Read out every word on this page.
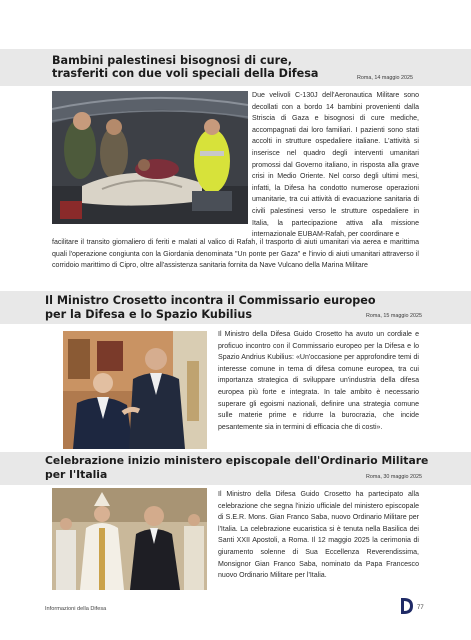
Bambini palestinesi bisognosi di cure,
trasferiti con due voli speciali della Difesa	Roma, 14 maggio 2025

Due velivoli C-130J dell'Aeronautica Militare sono decollati con a bordo 14 bambini provenienti dalla Striscia di Gaza e bisognosi di cure mediche, accompagnati dai loro familiari. I pazienti sono stati accolti in strutture ospedaliere italiane. L'attività si inserisce nel quadro degli interventi umanitari promossi dal Governo italiano, in risposta alla grave crisi in Medio Oriente. Nel corso degli ultimi mesi, infatti, la Difesa ha condotto numerose operazioni umanitarie, tra cui attività di evacuazione sanitaria di civili palestinesi verso le strutture ospedaliere in Italia, la partecipazione attiva alla missione internazionale EUBAM-Rafah, per coordinare e

facilitare il transito giornaliero di feriti e malati al valico di Rafah, il trasporto di aiuti umanitari via aerea e marittima quali l'operazione congiunta con la Giordania denominata "Un ponte per Gaza" e l'invio di aiuti umanitari attraverso il corridoio marittimo di Cipro, oltre all'assistenza sanitaria fornita da Nave Vulcano della Marina Militare

Il Ministro Crosetto incontra il Commissario europeo
per la Difesa e lo Spazio Kubilius	Roma, 15 maggio 2025

Il Ministro della Difesa Guido Crosetto ha avuto un cordiale e proficuo incontro con il Commissario europeo per la Difesa e lo Spazio Andrius Kubilius: «Un'occasione per approfondire temi di interesse comune in tema di difesa comune europea, tra cui importanza strategica di sviluppare un'industria della difesa europea più forte e integrata. In tale ambito è necessario superare gli egoismi nazionali, definire una strategia comune sulle materie prime e ridurre la burocrazia, che incide pesantemente sia in termini di efficacia che di costi».

Celebrazione inizio ministero episcopale dell'Ordinario Militare
per l'Italia	Roma, 30 maggio 2025

Il Ministro della Difesa Guido Crosetto ha partecipato alla celebrazione che segna l'inizio ufficiale del ministero episcopale di S.E.R. Mons. Gian Franco Saba, nuovo Ordinario Militare per l'Italia. La celebrazione eucaristica si è tenuta nella Basilica dei Santi XXII Apostoli, a Roma. Il 12 maggio 2025 la cerimonia di giuramento solenne di Sua Eccellenza Reverendissima, Monsignor Gian Franco Saba, nominato da Papa Francesco nuovo Ordinario Militare per l'Italia.

Informazioni della Difesa	77
